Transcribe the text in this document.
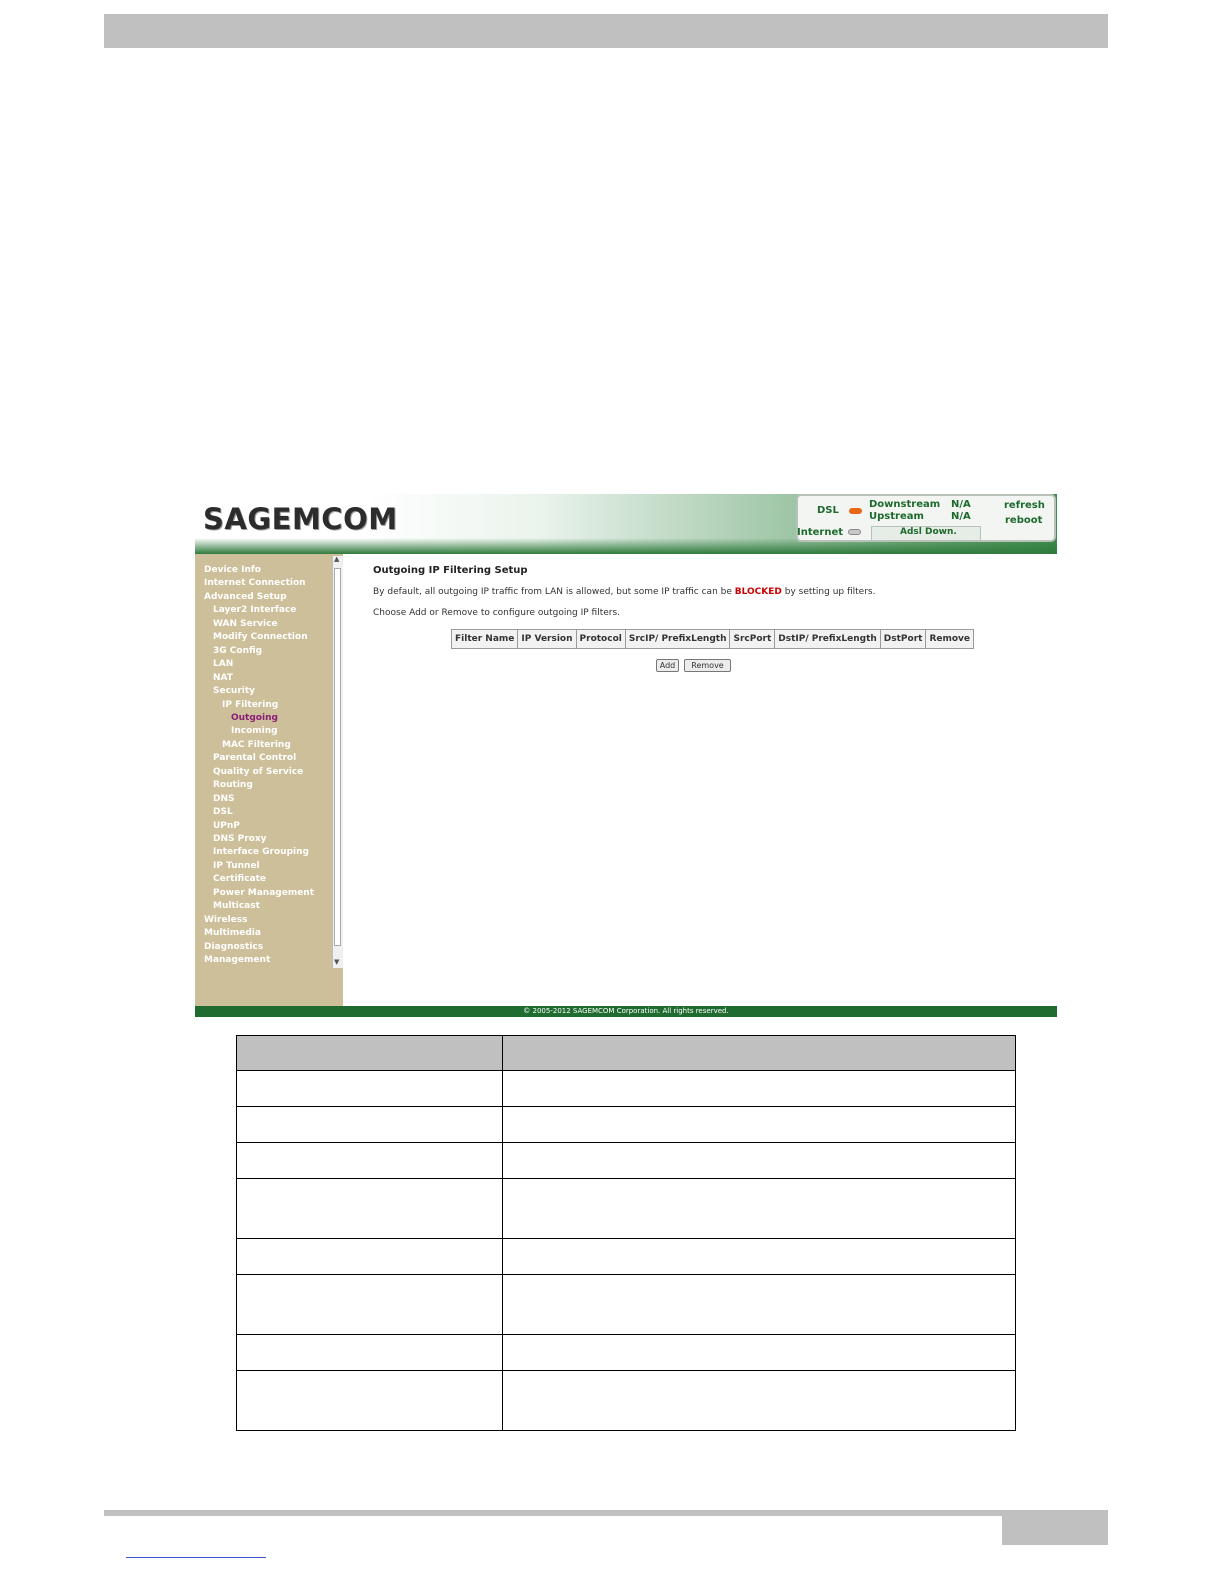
SAGEMCOM	DSL
Downstream N/A
Upstream	N/A
refresh
reboot
Internet	Adsl Down.
Device Info
Internet Connection
Advanced Setup
Layer2 Interface
WAN Service
Modify Connection
3G Config
LAN
NAT
Security
IP Filtering
Outgoing
Incoming
MAC Filtering
Parental Control
Quality of Service
Routing
DNS
DSL
UPnP
DNS Proxy
Interface Grouping
IP Tunnel
Certificate
Power Management
Multicast
Wireless
Multimedia
Diagnostics
Management
▲
▼
Outgoing IP Filtering Setup
By default, all outgoing IP traffic from LAN is allowed, but some IP traffic can be BLOCKED by setting up filters.
Choose Add or Remove to configure outgoing IP filters.
Filter Name	IP Version	Protocol	SrcIP/ PrefixLength	SrcPort	DstIP/ PrefixLength	DstPort	Remove
Add	Remove
© 2005-2012 SAGEMCOM Corporation. All rights reserved.
